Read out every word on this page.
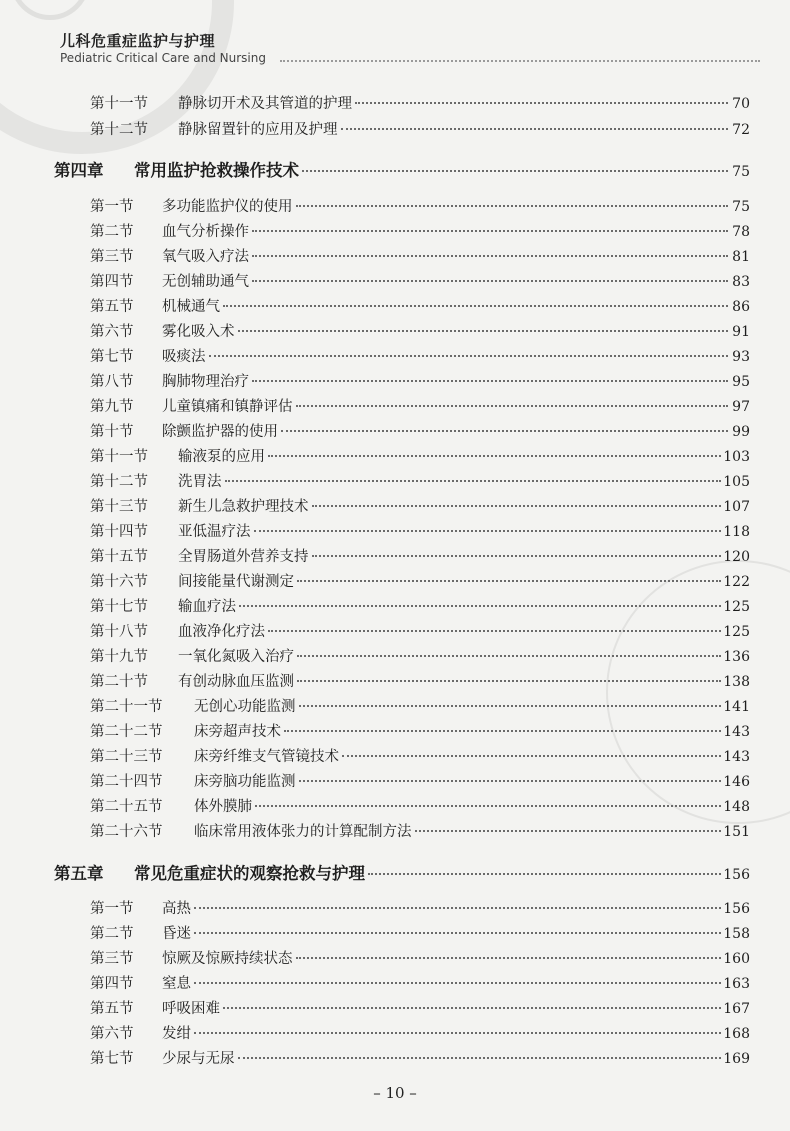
儿科危重症监护与护理
Pediatric Critical Care and Nursing
第十一节	静脉切开术及其管道的护理	70
第十二节	静脉留置针的应用及护理	72
第四章	常用监护抢救操作技术	75
第一节	多功能监护仪的使用	75
第二节	血气分析操作	78
第三节	氧气吸入疗法	81
第四节	无创辅助通气	83
第五节	机械通气	86
第六节	雾化吸入术	91
第七节	吸痰法	93
第八节	胸肺物理治疗	95
第九节	儿童镇痛和镇静评估	97
第十节	除颤监护器的使用	99
第十一节	输液泵的应用	103
第十二节	洗胃法	105
第十三节	新生儿急救护理技术	107
第十四节	亚低温疗法	118
第十五节	全胃肠道外营养支持	120
第十六节	间接能量代谢测定	122
第十七节	输血疗法	125
第十八节	血液净化疗法	125
第十九节	一氧化氮吸入治疗	136
第二十节	有创动脉血压监测	138
第二十一节	无创心功能监测	141
第二十二节	床旁超声技术	143
第二十三节	床旁纤维支气管镜技术	143
第二十四节	床旁脑功能监测	146
第二十五节	体外膜肺	148
第二十六节	临床常用液体张力的计算配制方法	151
第五章	常见危重症状的观察抢救与护理	156
第一节	高热	156
第二节	昏迷	158
第三节	惊厥及惊厥持续状态	160
第四节	窒息	163
第五节	呼吸困难	167
第六节	发绀	168
第七节	少尿与无尿	169
– 10 –
